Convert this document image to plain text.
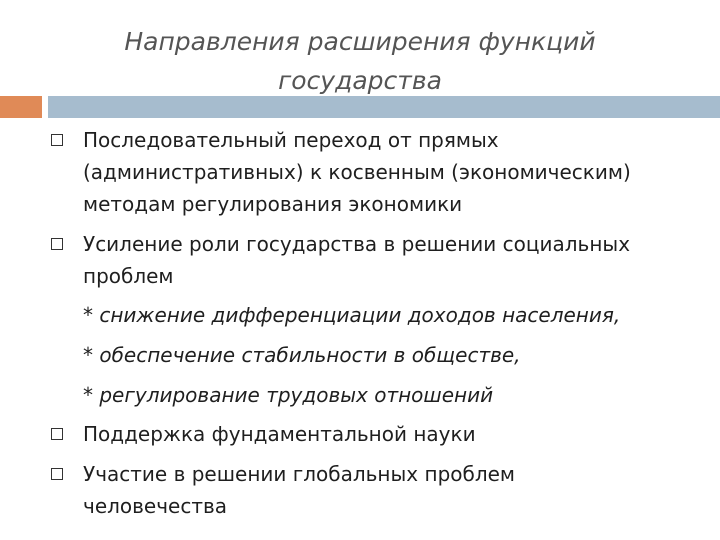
Направления расширения функций
государства
Последовательный переход от прямых
(административных) к косвенным (экономическим)
методам регулирования экономики
Усиление роли государства в решении социальных
проблем
* снижение дифференциации доходов населения,
* обеспечение стабильности в обществе,
* регулирование трудовых отношений
Поддержка фундаментальной науки
Участие в решении глобальных проблем
человечества
